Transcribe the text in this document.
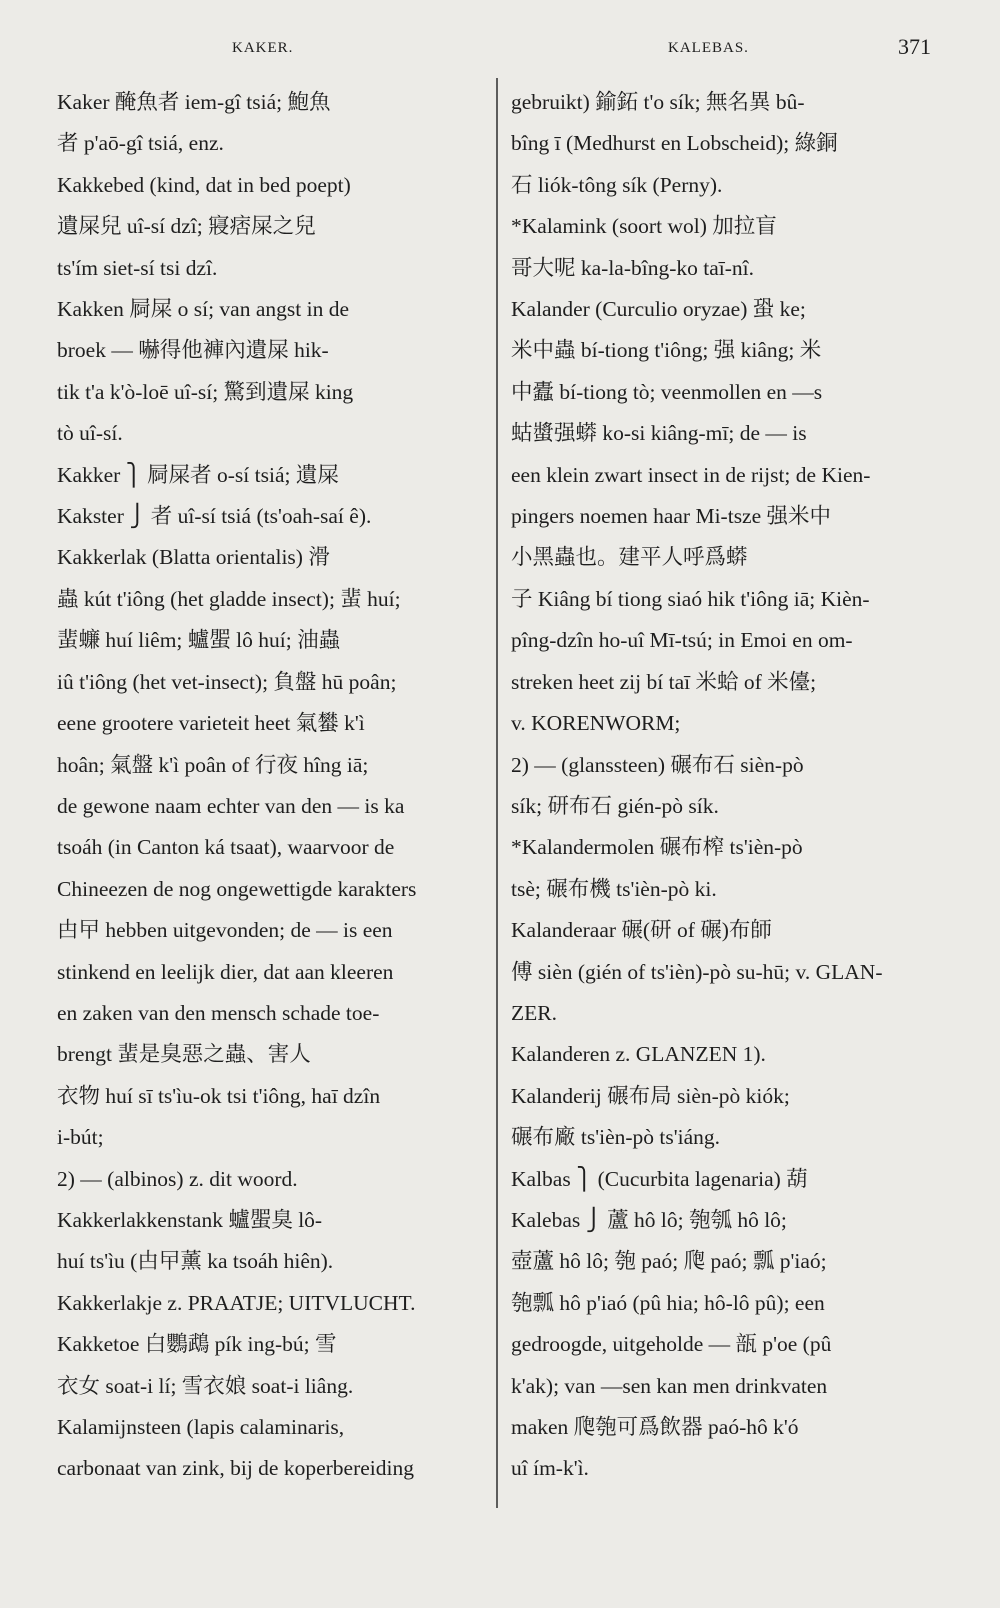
KAKER.	KALEBAS.	371
Kaker 醃魚者 iem-gî tsiá; 鮑魚
者 p'aō-gî tsiá, enz.
Kakkebed (kind, dat in bed poept)
遺屎兒 uî-sí dzî; 寢痞屎之兒
ts'ím siet-sí tsi dzî.
Kakken 屙屎 o sí; van angst in de
broek — 嚇得他褲內遺屎 hik-
tik t'a k'ò-loē uî-sí; 驚到遺屎 king
tò uî-sí.
Kakker ⎫ 屙屎者 o-sí tsiá; 遺屎
Kakster ⎭ 者 uî-sí tsiá (ts'oah-saí ê).
Kakkerlak (Blatta orientalis) 滑
蟲 kút t'iông (het gladde insect); 蜚 huí;
蜚蠊 huí liêm; 蠦蜰 lô huí; 油蟲
iû t'iông (het vet-insect); 負盤 hū poân;
eene grootere varieteit heet 氣蠜 k'ì
hoân; 氣盤 k'ì poân of 行夜 hîng iā;
de gewone naam echter van den — is ka
tsoáh (in Canton ká tsaat), waarvoor de
Chineezen de nog ongewettigde karakters
甴曱 hebben uitgevonden; de — is een
stinkend en leelijk dier, dat aan kleeren
en zaken van den mensch schade toe-
brengt 蜚是臭惡之蟲、害人
衣物 huí sī ts'ìu-ok tsi t'iông, haī dzîn
i-bút;
2) — (albinos) z. dit woord.
Kakkerlakkenstank 蠦蜰臭 lô-
huí ts'ìu (甴曱薰 ka tsoáh hiên).
Kakkerlakje z. PRAATJE; UITVLUCHT.
Kakketoe 白鸚鵡 pík ing-bú; 雪
衣女 soat-i lí; 雪衣娘 soat-i liâng.
Kalamijnsteen (lapis calaminaris,
carbonaat van zink, bij de koperbereiding
gebruikt) 鍮鉐 t'o sík; 無名異 bû-
bîng ī (Medhurst en Lobscheid); 綠銅
石 liók-tông sík (Perny).
*Kalamink (soort wol) 加拉盲
哥大呢 ka-la-bîng-ko taī-nî.
Kalander (Curculio oryzae) 蛩 ke;
米中蟲 bí-tiong t'iông; 强 kiâng; 米
中蠹 bí-tiong tò; veenmollen en —s
蛄螿强蟒 ko-si kiâng-mī; de — is
een klein zwart insect in de rijst; de Kien-
pingers noemen haar Mi-tsze 强米中
小黑蟲也。建平人呼爲蟒
子 Kiâng bí tiong siaó hik t'iông iā; Kièn-
pîng-dzîn ho-uî Mī-tsú; in Emoi en om-
streken heet zij bí taī 米蛤 of 米儓;
v. KORENWORM;
2) — (glanssteen) 碾布石 sièn-pò
sík; 研布石 gién-pò sík.
*Kalandermolen 碾布榨 ts'ièn-pò
tsè; 碾布機 ts'ièn-pò ki.
Kalanderaar 碾(研 of 碾)布師
傅 sièn (gién of ts'ièn)-pò su-hū; v. GLAN-
ZER.
Kalanderen z. GLANZEN 1).
Kalanderij 碾布局 sièn-pò kiók;
碾布廠 ts'ièn-pò ts'iáng.
Kalbas ⎫ (Cucurbita lagenaria) 葫
Kalebas ⎭ 蘆 hô lô; 匏瓠 hô lô;
壺蘆 hô lô; 匏 paó; 爮 paó; 瓢 p'iaó;
匏瓢 hô p'iaó (pû hia; hô-lô pû); een
gedroogde, uitgeholde — 瓿 p'oe (pû
k'ak); van —sen kan men drinkvaten
maken 爮匏可爲飲器 paó-hô k'ó
uî ím-k'ì.
